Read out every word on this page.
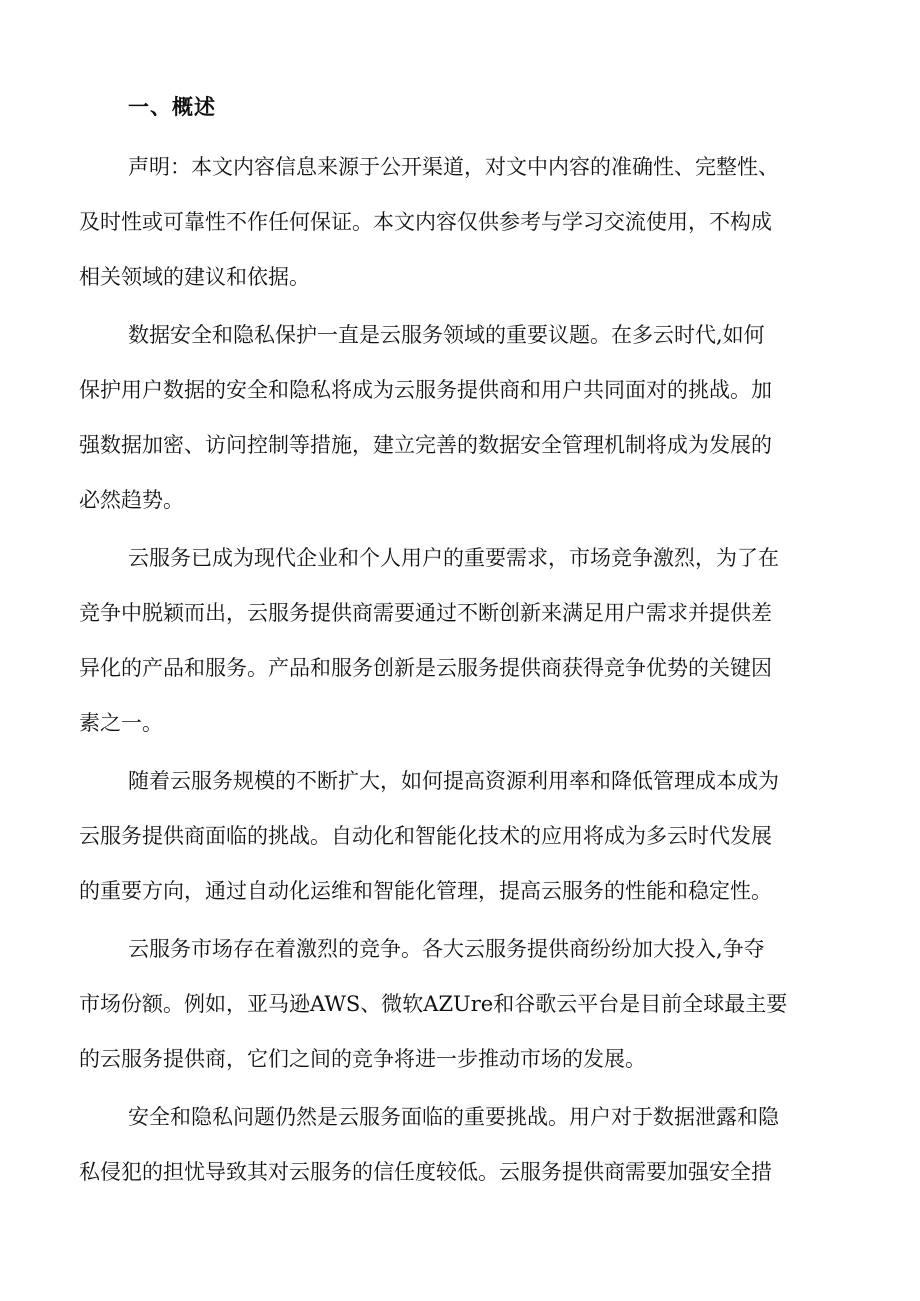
一、概述
声明：本文内容信息来源于公开渠道，对文中内容的准确性、完整性、
及时性或可靠性不作任何保证。本文内容仅供参考与学习交流使用，不构成
相关领域的建议和依据。
数据安全和隐私保护一直是云服务领域的重要议题。在多云时代,如何
保护用户数据的安全和隐私将成为云服务提供商和用户共同面对的挑战。加
强数据加密、访问控制等措施，建立完善的数据安全管理机制将成为发展的
必然趋势。
云服务已成为现代企业和个人用户的重要需求，市场竞争激烈，为了在
竞争中脱颖而出，云服务提供商需要通过不断创新来满足用户需求并提供差
异化的产品和服务。产品和服务创新是云服务提供商获得竞争优势的关键因
素之一。
随着云服务规模的不断扩大，如何提高资源利用率和降低管理成本成为
云服务提供商面临的挑战。自动化和智能化技术的应用将成为多云时代发展
的重要方向，通过自动化运维和智能化管理，提高云服务的性能和稳定性。
云服务市场存在着激烈的竞争。各大云服务提供商纷纷加大投入,争夺
市场份额。例如，亚马逊AWS、微软AZUre和谷歌云平台是目前全球最主要
的云服务提供商，它们之间的竞争将进一步推动市场的发展。
安全和隐私问题仍然是云服务面临的重要挑战。用户对于数据泄露和隐
私侵犯的担忧导致其对云服务的信任度较低。云服务提供商需要加强安全措
